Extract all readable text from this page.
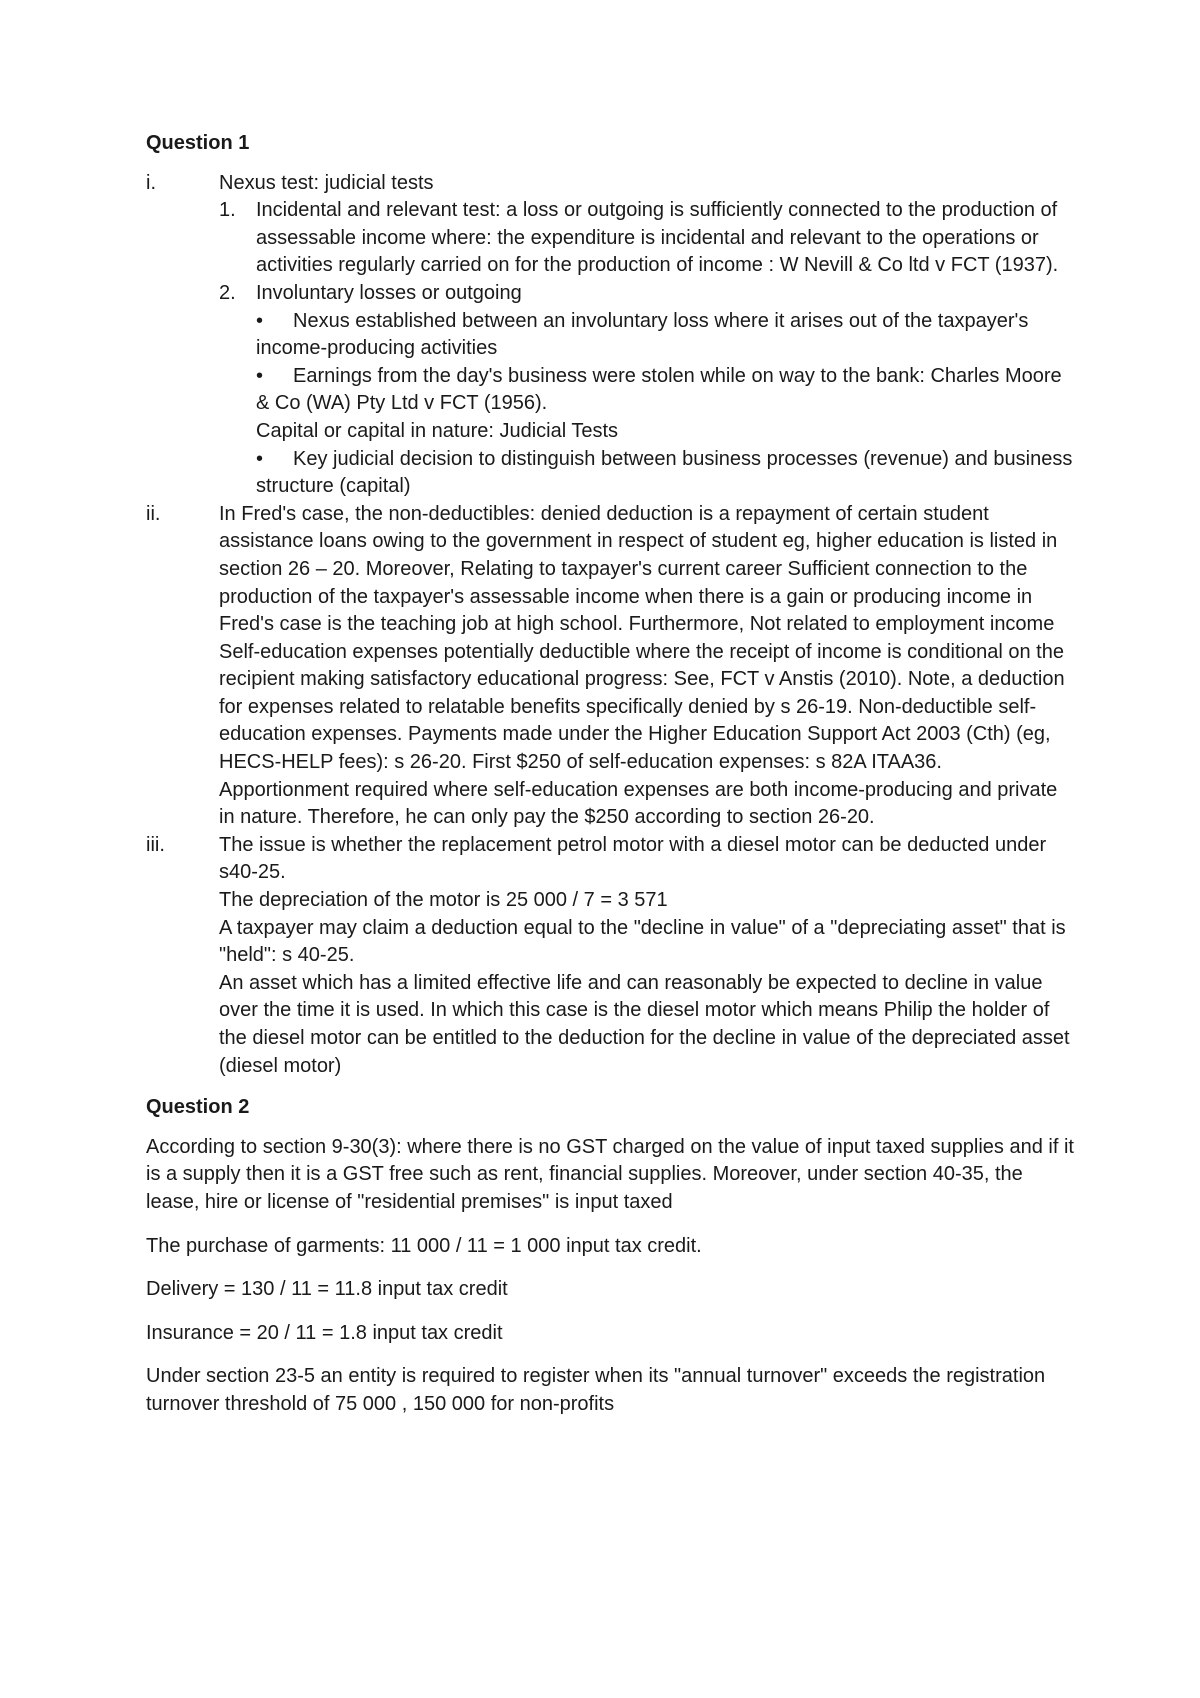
Question 1
i.	Nexus test: judicial tests
1.	Incidental and relevant test: a loss or outgoing is sufficiently connected to the production of assessable income where: the expenditure is incidental and relevant to the operations or activities regularly carried on for the production of income : W Nevill & Co ltd v FCT (1937).
2.	Involuntary losses or outgoing
• Nexus established between an involuntary loss where it arises out of the taxpayer's income-producing activities
• Earnings from the day's business were stolen while on way to the bank: Charles Moore & Co (WA) Pty Ltd v FCT (1956).
Capital or capital in nature: Judicial Tests
• Key judicial decision to distinguish between business processes (revenue) and business structure (capital)
ii.	In Fred's case, the non-deductibles: denied deduction is a repayment of certain student assistance loans owing to the government in respect of student eg, higher education is listed in section 26 – 20. Moreover, Relating to taxpayer's current career Sufficient connection to the production of the taxpayer's assessable income when there is a gain or producing income in Fred's case is the teaching job at high school. Furthermore, Not related to employment income Self-education expenses potentially deductible where the receipt of income is conditional on the recipient making satisfactory educational progress: See, FCT v Anstis (2010). Note, a deduction for expenses related to relatable benefits specifically denied by s 26-19. Non-deductible self-education expenses. Payments made under the Higher Education Support Act 2003 (Cth) (eg, HECS-HELP fees): s 26-20. First $250 of self-education expenses: s 82A ITAA36. Apportionment required where self-education expenses are both income-producing and private in nature. Therefore, he can only pay the $250 according to section 26-20.
iii.	The issue is whether the replacement petrol motor with a diesel motor can be deducted under s40-25.
The depreciation of the motor is 25 000 / 7 = 3 571
A taxpayer may claim a deduction equal to the "decline in value" of a "depreciating asset" that is "held": s 40-25.
An asset which has a limited effective life and can reasonably be expected to decline in value over the time it is used. In which this case is the diesel motor which means Philip the holder of the diesel motor can be entitled to the deduction for the decline in value of the depreciated asset (diesel motor)
Question 2

According to section 9-30(3): where there is no GST charged on the value of input taxed supplies and if it is a supply then it is a GST free such as rent, financial supplies. Moreover, under section 40-35, the lease, hire or license of "residential premises" is input taxed

The purchase of garments: 11 000 / 11 = 1 000 input tax credit.

Delivery = 130 / 11 = 11.8 input tax credit

Insurance = 20 / 11 = 1.8 input tax credit

Under section 23-5 an entity is required to register when its "annual turnover" exceeds the registration turnover threshold of 75 000 , 150 000 for non-profits
